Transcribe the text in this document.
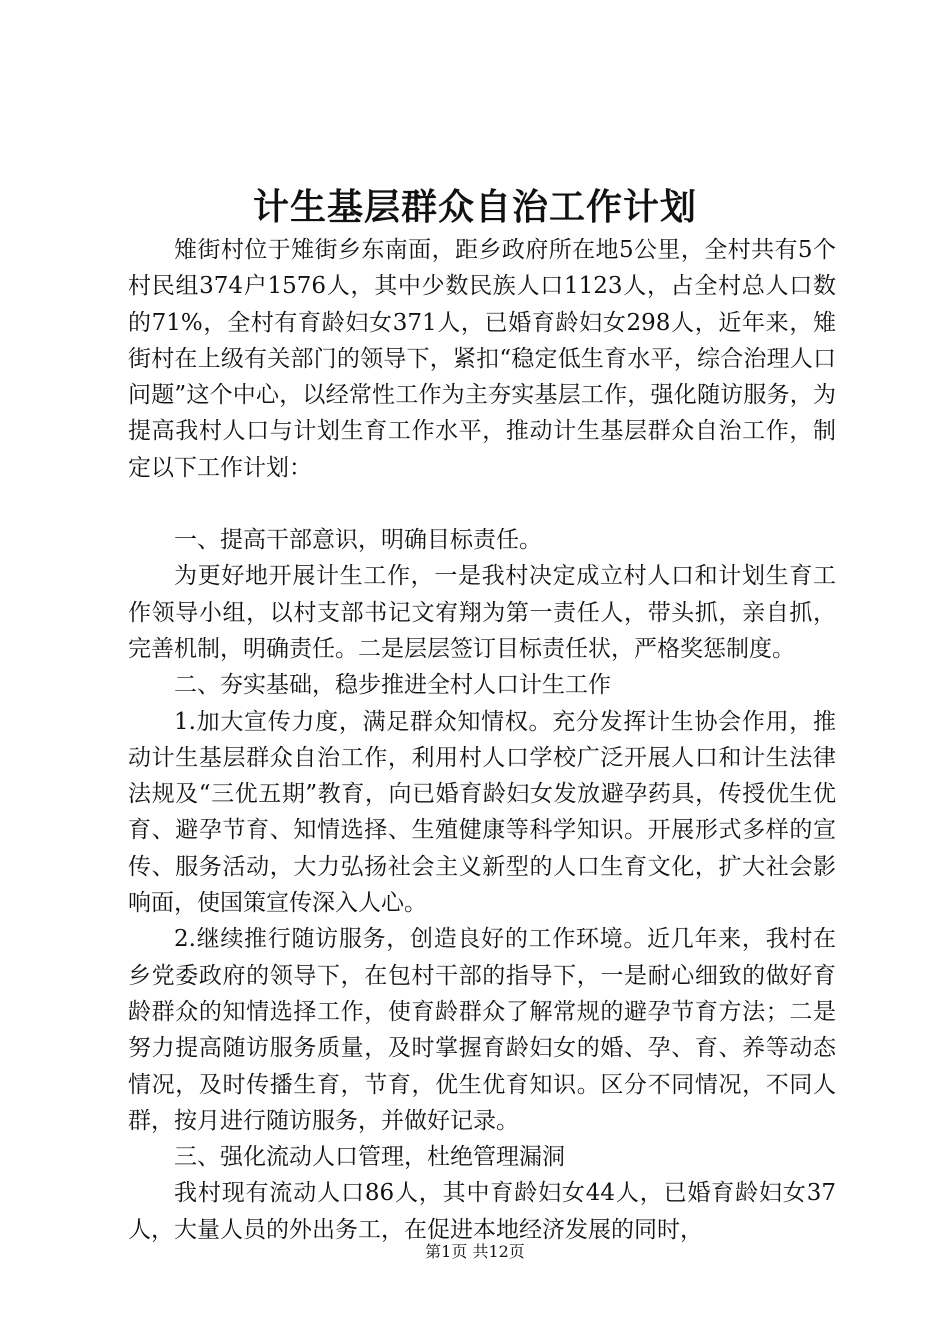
计生基层群众自治工作计划

雉街村位于雉街乡东南面，距乡政府所在地5公里，全村共有5个村民组374户1576人，其中少数民族人口1123人，占全村总人口数的71%，全村有育龄妇女371人，已婚育龄妇女298人，近年来，雉街村在上级有关部门的领导下，紧扣“稳定低生育水平，综合治理人口问题”这个中心，以经常性工作为主夯实基层工作，强化随访服务，为提高我村人口与计划生育工作水平，推动计生基层群众自治工作，制定以下工作计划：

一、提高干部意识，明确目标责任。

为更好地开展计生工作，一是我村决定成立村人口和计划生育工作领导小组，以村支部书记文宥翔为第一责任人，带头抓，亲自抓，完善机制，明确责任。二是层层签订目标责任状，严格奖惩制度。

二、夯实基础，稳步推进全村人口计生工作

1.加大宣传力度，满足群众知情权。充分发挥计生协会作用，推动计生基层群众自治工作，利用村人口学校广泛开展人口和计生法律法规及“三优五期”教育，向已婚育龄妇女发放避孕药具，传授优生优育、避孕节育、知情选择、生殖健康等科学知识。开展形式多样的宣传、服务活动，大力弘扬社会主义新型的人口生育文化，扩大社会影响面，使国策宣传深入人心。

2.继续推行随访服务，创造良好的工作环境。近几年来，我村在乡党委政府的领导下，在包村干部的指导下，一是耐心细致的做好育龄群众的知情选择工作，使育龄群众了解常规的避孕节育方法；二是努力提高随访服务质量，及时掌握育龄妇女的婚、孕、育、养等动态情况，及时传播生育，节育，优生优育知识。区分不同情况，不同人群，按月进行随访服务，并做好记录。

三、强化流动人口管理，杜绝管理漏洞

我村现有流动人口86人，其中育龄妇女44人，已婚育龄妇女37人，大量人员的外出务工，在促进本地经济发展的同时，

第1页 共12页
